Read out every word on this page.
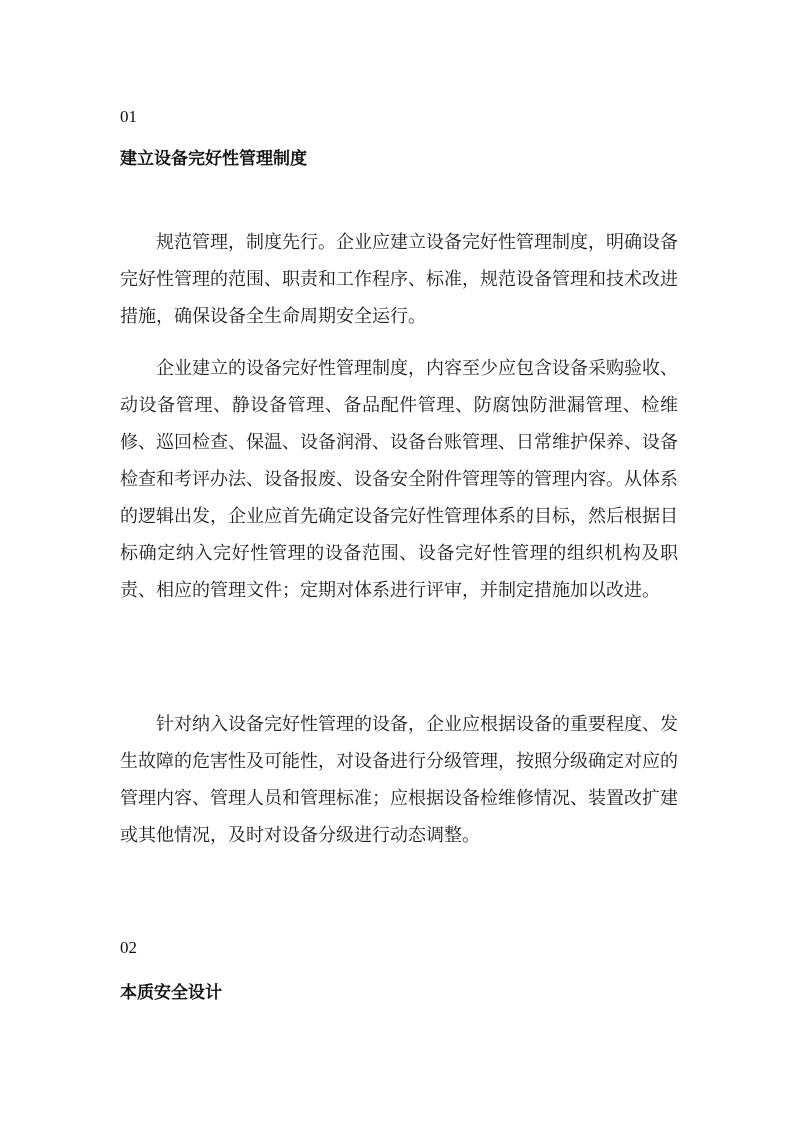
01
建立设备完好性管理制度

规范管理，制度先行。企业应建立设备完好性管理制度，明确设备完好性管理的范围、职责和工作程序、标准，规范设备管理和技术改进措施，确保设备全生命周期安全运行。

企业建立的设备完好性管理制度，内容至少应包含设备采购验收、动设备管理、静设备管理、备品配件管理、防腐蚀防泄漏管理、检维修、巡回检查、保温、设备润滑、设备台账管理、日常维护保养、设备检查和考评办法、设备报废、设备安全附件管理等的管理内容。从体系的逻辑出发，企业应首先确定设备完好性管理体系的目标，然后根据目标确定纳入完好性管理的设备范围、设备完好性管理的组织机构及职责、相应的管理文件；定期对体系进行评审，并制定措施加以改进。

针对纳入设备完好性管理的设备，企业应根据设备的重要程度、发生故障的危害性及可能性，对设备进行分级管理，按照分级确定对应的管理内容、管理人员和管理标准；应根据设备检维修情况、装置改扩建或其他情况，及时对设备分级进行动态调整。

02
本质安全设计
